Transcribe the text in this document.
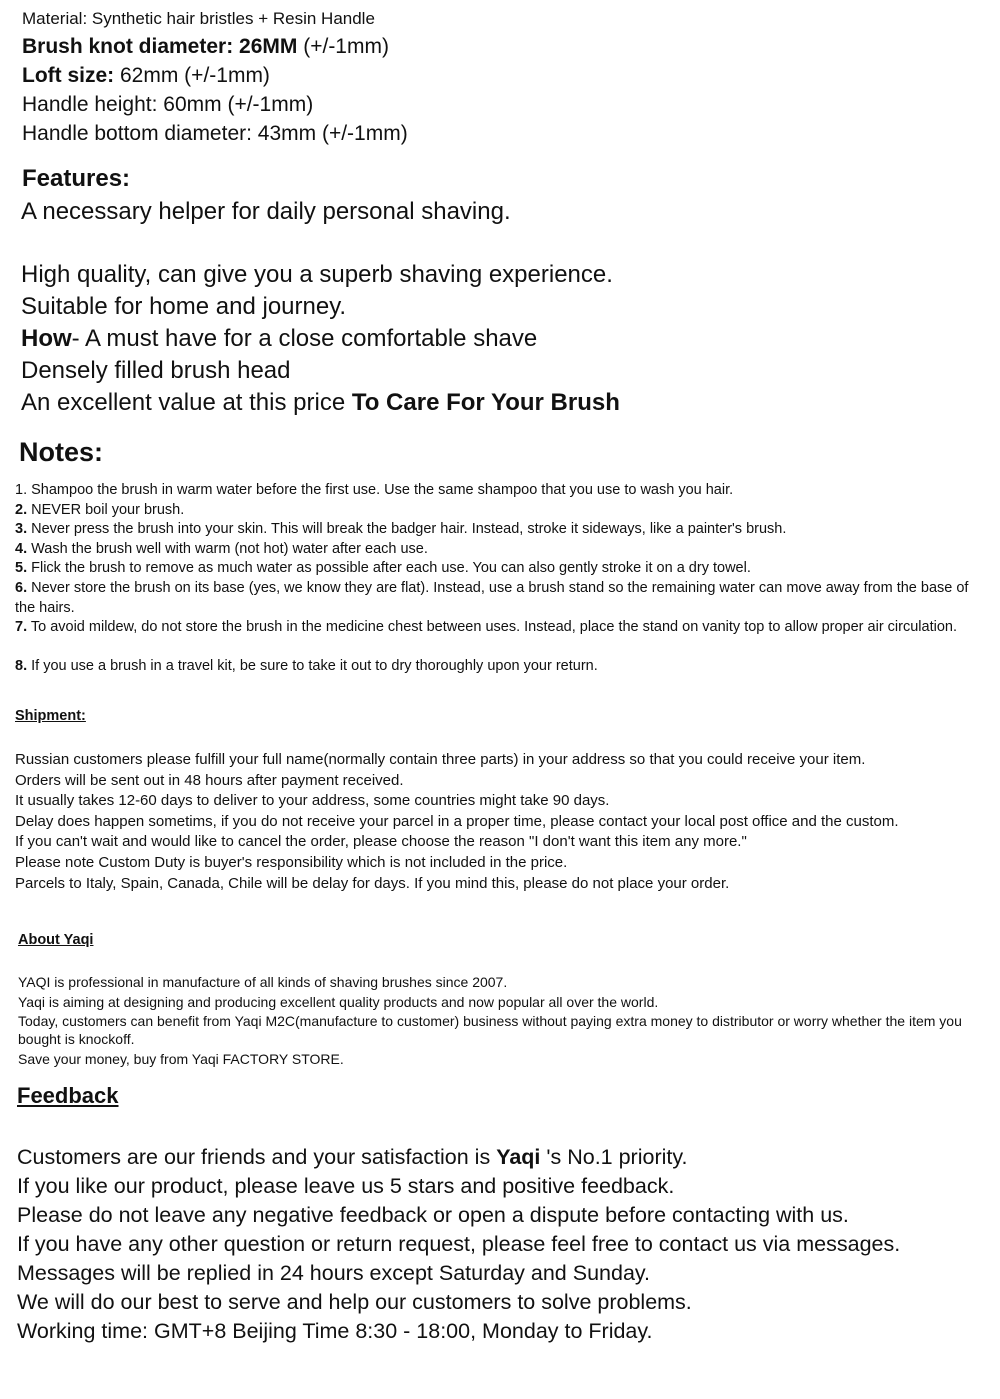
Material: Synthetic hair bristles + Resin Handle

Brush knot diameter: 26MM (+/-1mm)

Loft size: 62mm (+/-1mm)

Handle height: 60mm (+/-1mm)

Handle bottom diameter: 43mm (+/-1mm)

Features:

A necessary helper for daily personal shaving.

High quality, can give you a superb shaving experience.

Suitable for home and journey.

How- A must have for a close comfortable shave

Densely filled brush head

An excellent value at this price To Care For Your Brush

Notes:

1. Shampoo the brush in warm water before the first use. Use the same shampoo that you use to wash you hair.

2. NEVER boil your brush.

3. Never press the brush into your skin. This will break the badger hair. Instead, stroke it sideways, like a painter's brush.

4. Wash the brush well with warm (not hot) water after each use.

5. Flick the brush to remove as much water as possible after each use. You can also gently stroke it on a dry towel.

6. Never store the brush on its base (yes, we know they are flat). Instead, use a brush stand so the remaining water can move away from the base of the hairs.

7. To avoid mildew, do not store the brush in the medicine chest between uses. Instead, place the stand on vanity top to allow proper air circulation.

8. If you use a brush in a travel kit, be sure to take it out to dry thoroughly upon your return.

Shipment:

Russian customers please fulfill your full name(normally contain three parts) in your address so that you could receive your item.

Orders will be sent out in 48 hours after payment received.

It usually takes 12-60 days to deliver to your address, some countries might take 90 days.

Delay does happen sometims, if you do not receive your parcel in a proper time, please contact your local post office and the custom.

If you can't wait and would like to cancel the order, please choose the reason "I don't want this item any more."

Please note Custom Duty is buyer's responsibility which is not included in the price.

Parcels to Italy, Spain, Canada, Chile will be delay for days. If you mind this, please do not place your order.

About Yaqi

YAQI is professional in manufacture of all kinds of shaving brushes since 2007.

Yaqi is aiming at designing and producing excellent quality products and now popular all over the world.

Today, customers can benefit from Yaqi M2C(manufacture to customer) business without paying extra money to distributor or worry whether the item you bought is knockoff.

Save your money, buy from Yaqi FACTORY STORE.

Feedback

Customers are our friends and your satisfaction is Yaqi 's No.1 priority.

If you like our product, please leave us 5 stars and positive feedback.

Please do not leave any negative feedback or open a dispute before contacting with us.

If you have any other question or return request, please feel free to contact us via messages.

Messages will be replied in 24 hours except Saturday and Sunday.

We will do our best to serve and help our customers to solve problems.

Working time: GMT+8 Beijing Time 8:30 - 18:00, Monday to Friday.
